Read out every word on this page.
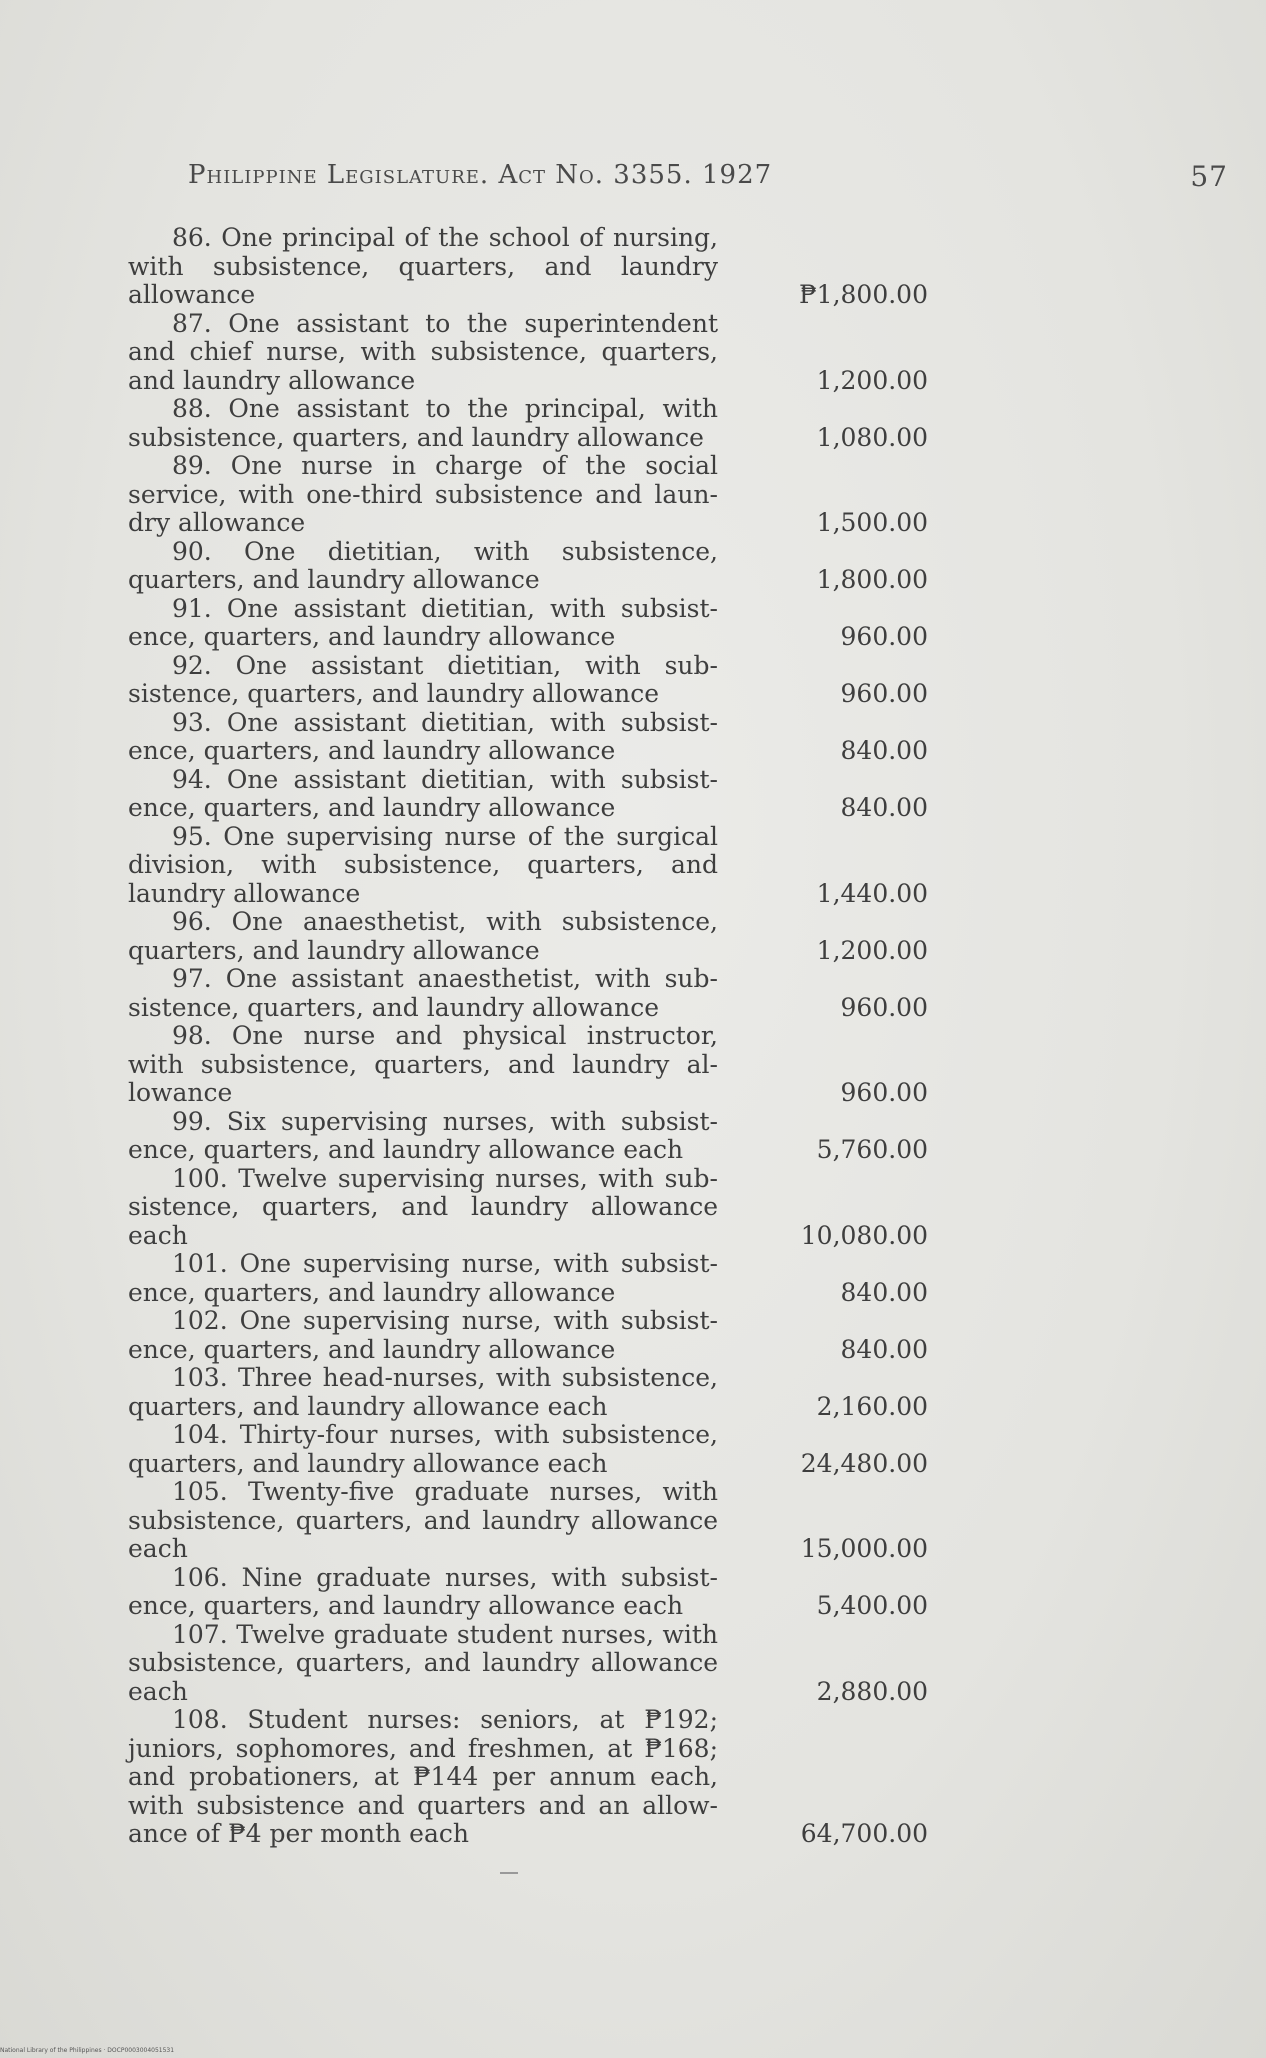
Philippine Legislature. Act No. 3355. 1927	57
86. One principal of the school of nursing, with subsistence, quarters, and laundry allowance	₱1,800.00
87. One assistant to the superintendent and chief nurse, with subsistence, quarters, and laundry allowance	1,200.00
88. One assistant to the principal, with subsistence, quarters, and laundry allowance	1,080.00
89. One nurse in charge of the social service, with one-third subsistence and laundry allowance	1,500.00
90. One dietitian, with subsistence, quarters, and laundry allowance	1,800.00
91. One assistant dietitian, with subsistence, quarters, and laundry allowance	960.00
92. One assistant dietitian, with subsistence, quarters, and laundry allowance	960.00
93. One assistant dietitian, with subsistence, quarters, and laundry allowance	840.00
94. One assistant dietitian, with subsistence, quarters, and laundry allowance	840.00
95. One supervising nurse of the surgical division, with subsistence, quarters, and laundry allowance	1,440.00
96. One anaesthetist, with subsistence, quarters, and laundry allowance	1,200.00
97. One assistant anaesthetist, with subsistence, quarters, and laundry allowance	960.00
98. One nurse and physical instructor, with subsistence, quarters, and laundry allowance	960.00
99. Six supervising nurses, with subsistence, quarters, and laundry allowance each	5,760.00
100. Twelve supervising nurses, with subsistence, quarters, and laundry allowance each	10,080.00
101. One supervising nurse, with subsistence, quarters, and laundry allowance	840.00
102. One supervising nurse, with subsistence, quarters, and laundry allowance	840.00
103. Three head-nurses, with subsistence, quarters, and laundry allowance each	2,160.00
104. Thirty-four nurses, with subsistence, quarters, and laundry allowance each	24,480.00
105. Twenty-five graduate nurses, with subsistence, quarters, and laundry allowance each	15,000.00
106. Nine graduate nurses, with subsistence, quarters, and laundry allowance each	5,400.00
107. Twelve graduate student nurses, with subsistence, quarters, and laundry allowance each	2,880.00
108. Student nurses: seniors, at ₱192; juniors, sophomores, and freshmen, at ₱168; and probationers, at ₱144 per annum each, with subsistence and quarters and an allowance of ₱4 per month each	64,700.00
National Library of the Philippines · DOCP0003004051531
